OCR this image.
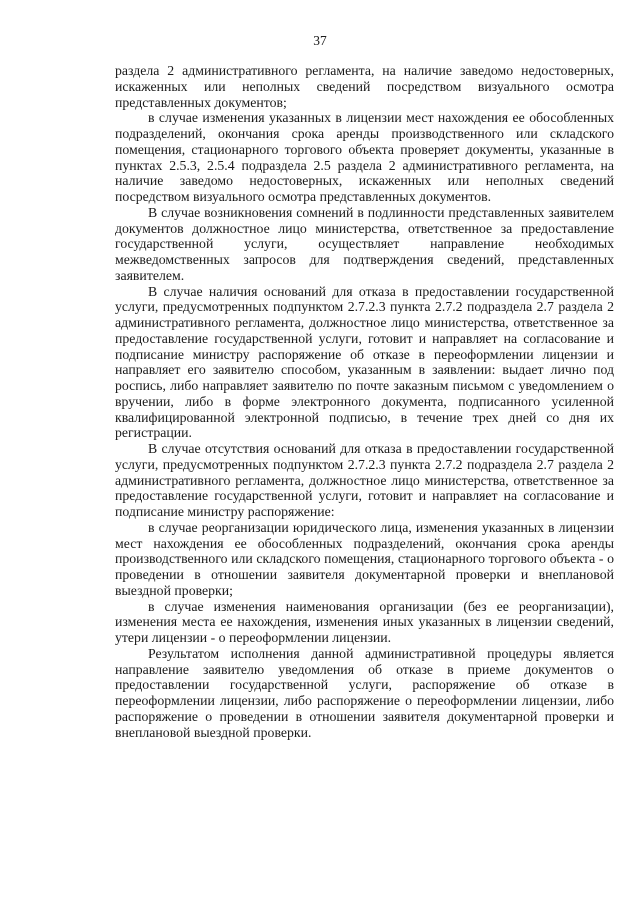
37

раздела 2 административного регламента, на наличие заведомо недостоверных, искаженных или неполных сведений посредством визуального осмотра представленных документов;

в случае изменения указанных в лицензии мест нахождения ее обособленных подразделений, окончания срока аренды производственного или складского помещения, стационарного торгового объекта проверяет документы, указанные в пунктах 2.5.3, 2.5.4 подраздела 2.5 раздела 2 административного регламента, на наличие заведомо недостоверных, искаженных или неполных сведений посредством визуального осмотра представленных документов.

В случае возникновения сомнений в подлинности представленных заявителем документов должностное лицо министерства, ответственное за предоставление государственной услуги, осуществляет направление необходимых межведомственных запросов для подтверждения сведений, представленных заявителем.

В случае наличия оснований для отказа в предоставлении государственной услуги, предусмотренных подпунктом 2.7.2.3 пункта 2.7.2 подраздела 2.7 раздела 2 административного регламента, должностное лицо министерства, ответственное за предоставление государственной услуги, готовит и направляет на согласование и подписание министру распоряжение об отказе в переоформлении лицензии и направляет его заявителю способом, указанным в заявлении: выдает лично под роспись, либо направляет заявителю по почте заказным письмом с уведомлением о вручении, либо в форме электронного документа, подписанного усиленной квалифицированной электронной подписью, в течение трех дней со дня их регистрации.

В случае отсутствия оснований для отказа в предоставлении государственной услуги, предусмотренных подпунктом 2.7.2.3 пункта 2.7.2 подраздела 2.7 раздела 2 административного регламента, должностное лицо министерства, ответственное за предоставление государственной услуги, готовит и направляет на согласование и подписание министру распоряжение:

в случае реорганизации юридического лица, изменения указанных в лицензии мест нахождения ее обособленных подразделений, окончания срока аренды производственного или складского помещения, стационарного торгового объекта - о проведении в отношении заявителя документарной проверки и внеплановой выездной проверки;

в случае изменения наименования организации (без ее реорганизации), изменения места ее нахождения, изменения иных указанных в лицензии сведений, утери лицензии - о переоформлении лицензии.

Результатом исполнения данной административной процедуры является направление заявителю уведомления об отказе в приеме документов о предоставлении государственной услуги, распоряжение об отказе в переоформлении лицензии, либо распоряжение о переоформлении лицензии, либо распоряжение о проведении в отношении заявителя документарной проверки и внеплановой выездной проверки.
